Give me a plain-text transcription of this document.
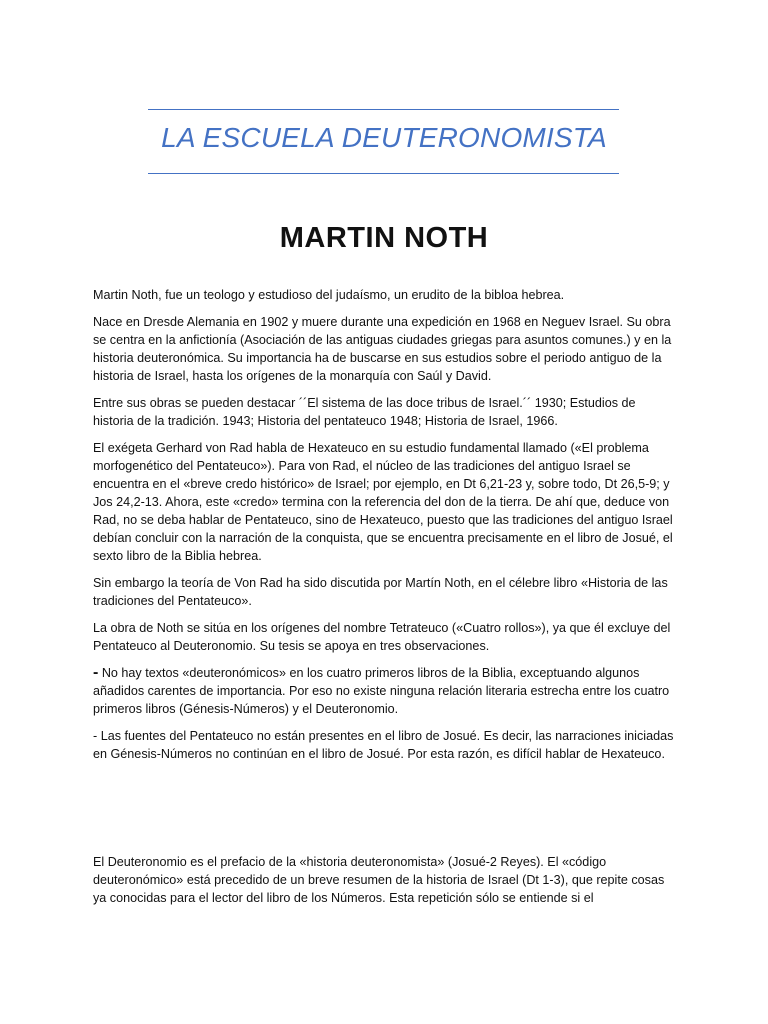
LA ESCUELA DEUTERONOMISTA
MARTIN NOTH

Martin Noth, fue un teologo y estudioso del judaísmo, un erudito de la bibloa hebrea.

Nace en Dresde Alemania en 1902 y muere durante una expedición en 1968 en Neguev Israel. Su obra se centra en la anfictionía (Asociación de las antiguas ciudades griegas para asuntos comunes.) y en la historia deuteronómica. Su importancia ha de buscarse en sus estudios sobre el periodo antiguo de la historia de Israel, hasta los orígenes de la monarquía con Saúl y David.

Entre sus obras se pueden destacar ´´El sistema de las doce tribus de Israel.´´ 1930; Estudios de historia de la tradición. 1943; Historia del pentateuco 1948; Historia de Israel, 1966.

El exégeta Gerhard von Rad habla de Hexateuco en su estudio fundamental llamado («El problema morfogenético del Pentateuco»). Para von Rad, el núcleo de las tradiciones del antiguo Israel se encuentra en el «breve credo histórico» de Israel; por ejemplo, en Dt 6,21-23 y, sobre todo, Dt 26,5-9; y Jos 24,2-13. Ahora, este «credo» termina con la referencia del don de la tierra. De ahí que, deduce von Rad, no se deba hablar de Pentateuco, sino de Hexateuco, puesto que las tradiciones del antiguo Israel debían concluir con la narración de la conquista, que se encuentra precisamente en el libro de Josué, el sexto libro de la Biblia hebrea.

Sin embargo la teoría de Von Rad ha sido discutida por Martín Noth, en el célebre libro «Historia de las tradiciones del Pentateuco».

La obra de Noth se sitúa en los orígenes del nombre Tetrateuco («Cuatro rollos»), ya que él excluye del Pentateuco al Deuteronomio. Su tesis se apoya en tres observaciones.

- No hay textos «deuteronómicos» en los cuatro primeros libros de la Biblia, exceptuando algunos añadidos carentes de importancia. Por eso no existe ninguna relación literaria estrecha entre los cuatro primeros libros (Génesis-Números) y el Deuteronomio.

- Las fuentes del Pentateuco no están presentes en el libro de Josué. Es decir, las narraciones iniciadas en Génesis-Números no continúan en el libro de Josué. Por esta razón, es difícil hablar de Hexateuco.

El Deuteronomio es el prefacio de la «historia deuteronomista» (Josué-2 Reyes). El «código deuteronómico» está precedido de un breve resumen de la historia de Israel (Dt 1-3), que repite cosas ya conocidas para el lector del libro de los Números. Esta repetición sólo se entiende si el
